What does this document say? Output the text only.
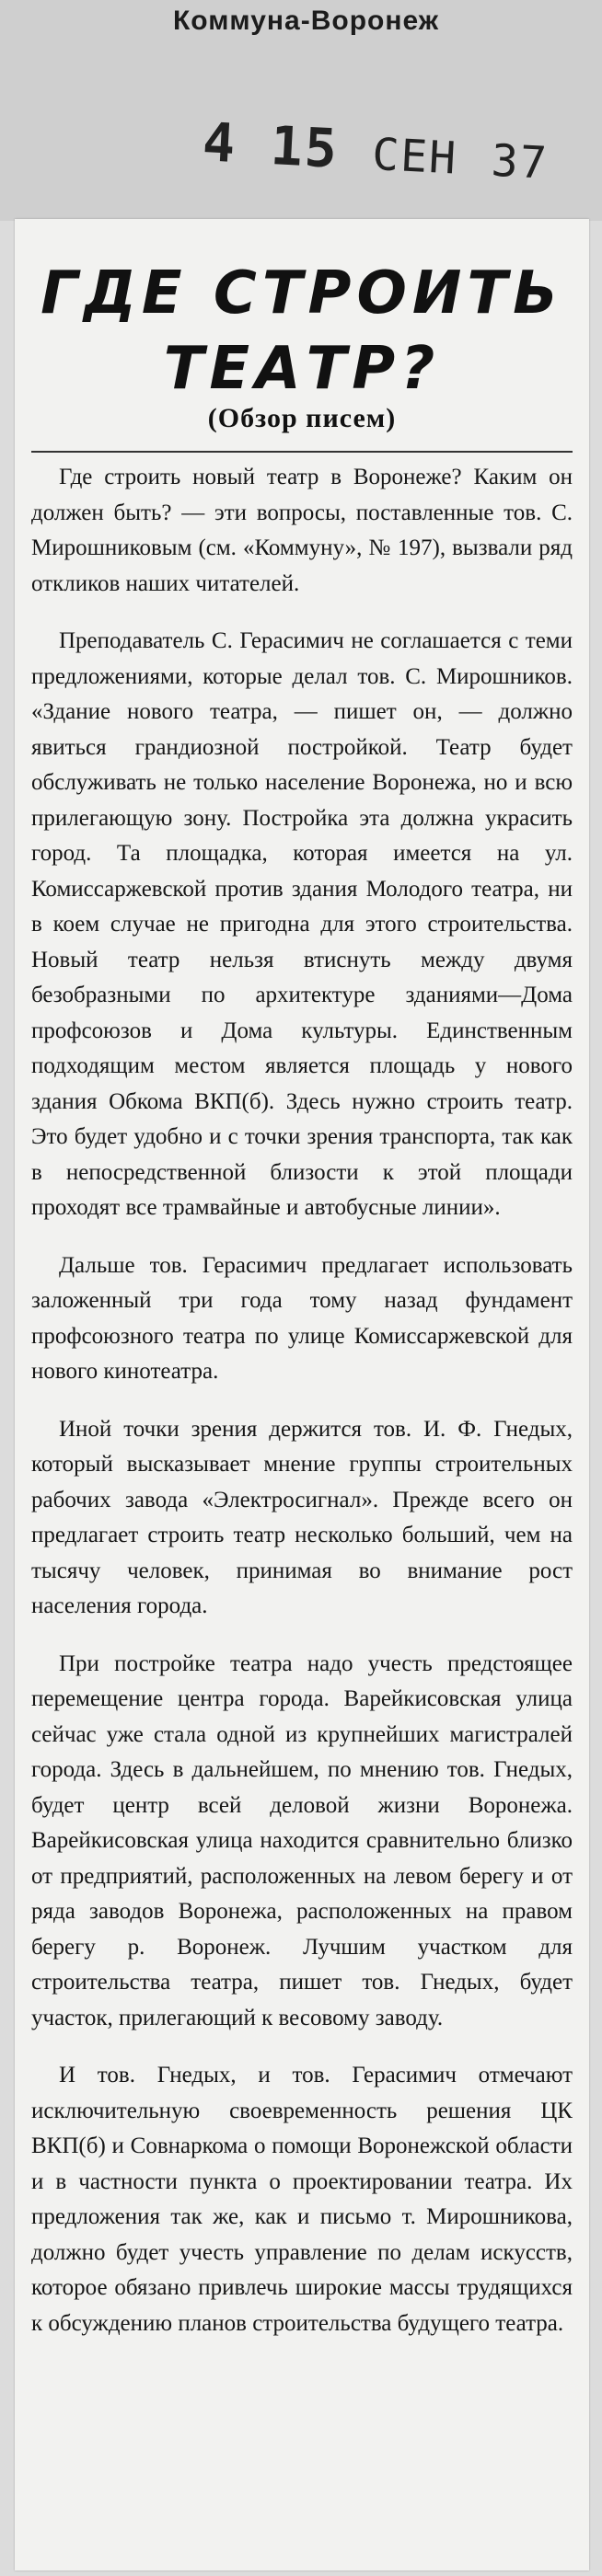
Коммуна-Воронеж
4 15 СЕН 37
ГДЕ СТРОИТЬ ТЕАТР?
(Обзор писем)

Где строить новый театр в Воронеже? Каким он должен быть? — эти вопросы, поставленные тов. С. Мирошниковым (см. «Коммуну», № 197), вызвали ряд откликов наших читателей.

Преподаватель С. Герасимич не соглашается с теми предложениями, которые делал тов. С. Мирошников. «Здание нового театра, — пишет он, — должно явиться грандиозной постройкой. Театр будет обслуживать не только население Воронежа, но и всю прилегающую зону. Постройка эта должна украсить город. Та площадка, которая имеется на ул. Комиссаржевской против здания Молодого театра, ни в коем случае не пригодна для этого строительства. Новый театр нельзя втиснуть между двумя безобразными по архитектуре зданиями—Дома профсоюзов и Дома культуры. Единственным подходящим местом является площадь у нового здания Обкома ВКП(б). Здесь нужно строить театр. Это будет удобно и с точки зрения транспорта, так как в непосредственной близости к этой площади проходят все трамвайные и автобусные линии».

Дальше тов. Герасимич предлагает использовать заложенный три года тому назад фундамент профсоюзного театра по улице Комиссаржевской для нового кинотеатра.

Иной точки зрения держится тов. И. Ф. Гнедых, который высказывает мнение группы строительных рабочих завода «Электросигнал». Прежде всего он предлагает строить театр несколько больший, чем на тысячу человек, принимая во внимание рост населения города.

При постройке театра надо учесть предстоящее перемещение центра города. Варейкисовская улица сейчас уже стала одной из крупнейших магистралей города. Здесь в дальнейшем, по мнению тов. Гнедых, будет центр всей деловой жизни Воронежа. Варейкисовская улица находится сравнительно близко от предприятий, расположенных на левом берегу и от ряда заводов Воронежа, расположенных на правом берегу р. Воронеж. Лучшим участком для строительства театра, пишет тов. Гнедых, будет участок, прилегающий к весовому заводу.

И тов. Гнедых, и тов. Герасимич отмечают исключительную своевременность решения ЦК ВКП(б) и Совнаркома о помощи Воронежской области и в частности пункта о проектировании театра. Их предложения так же, как и письмо т. Мирошникова, должно будет учесть управление по делам искусств, которое обязано привлечь широкие массы трудящихся к обсуждению планов строительства будущего театра.
